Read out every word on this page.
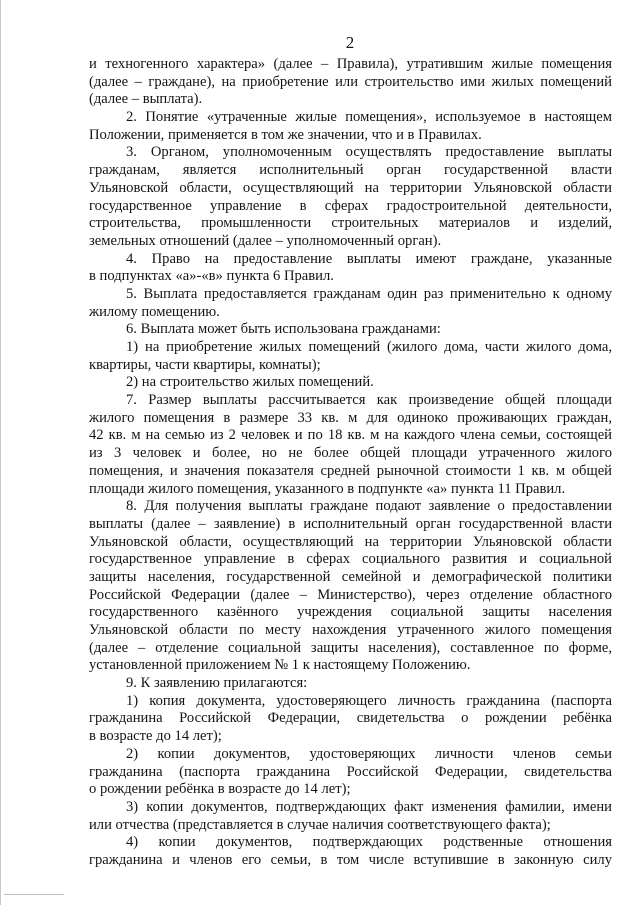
2
и техногенного характера» (далее – Правила), утратившим жилые помещения
(далее – граждане), на приобретение или строительство ими жилых помещений
(далее – выплата).
2. Понятие «утраченные жилые помещения», используемое в настоящем
Положении, применяется в том же значении, что и в Правилах.
3. Органом, уполномоченным осуществлять предоставление выплаты
гражданам, является исполнительный орган государственной власти
Ульяновской области, осуществляющий на территории Ульяновской области
государственное управление в сферах градостроительной деятельности,
строительства, промышленности строительных материалов и изделий,
земельных отношений (далее – уполномоченный орган).
4. Право на предоставление выплаты имеют граждане, указанные
в подпунктах «а»-«в» пункта 6 Правил.
5. Выплата предоставляется гражданам один раз применительно к одному
жилому помещению.
6. Выплата может быть использована гражданами:
1) на приобретение жилых помещений (жилого дома, части жилого дома,
квартиры, части квартиры, комнаты);
2) на строительство жилых помещений.
7. Размер выплаты рассчитывается как произведение общей площади
жилого помещения в размере 33 кв. м для одиноко проживающих граждан,
42 кв. м на семью из 2 человек и по 18 кв. м на каждого члена семьи, состоящей
из 3 человек и более, но не более общей площади утраченного жилого
помещения, и значения показателя средней рыночной стоимости 1 кв. м общей
площади жилого помещения, указанного в подпункте «а» пункта 11 Правил.
8. Для получения выплаты граждане подают заявление о предоставлении
выплаты (далее – заявление) в исполнительный орган государственной власти
Ульяновской области, осуществляющий на территории Ульяновской области
государственное управление в сферах социального развития и социальной
защиты населения, государственной семейной и демографической политики
Российской Федерации (далее – Министерство), через отделение областного
государственного казённого учреждения социальной защиты населения
Ульяновской области по месту нахождения утраченного жилого помещения
(далее – отделение социальной защиты населения), составленное по форме,
установленной приложением № 1 к настоящему Положению.
9. К заявлению прилагаются:
1) копия документа, удостоверяющего личность гражданина (паспорта
гражданина Российской Федерации, свидетельства о рождении ребёнка
в возрасте до 14 лет);
2) копии документов, удостоверяющих личности членов семьи
гражданина (паспорта гражданина Российской Федерации, свидетельства
о рождении ребёнка в возрасте до 14 лет);
3) копии документов, подтверждающих факт изменения фамилии, имени
или отчества (представляется в случае наличия соответствующего факта);
4) копии документов, подтверждающих родственные отношения
гражданина и членов его семьи, в том числе вступившие в законную силу
